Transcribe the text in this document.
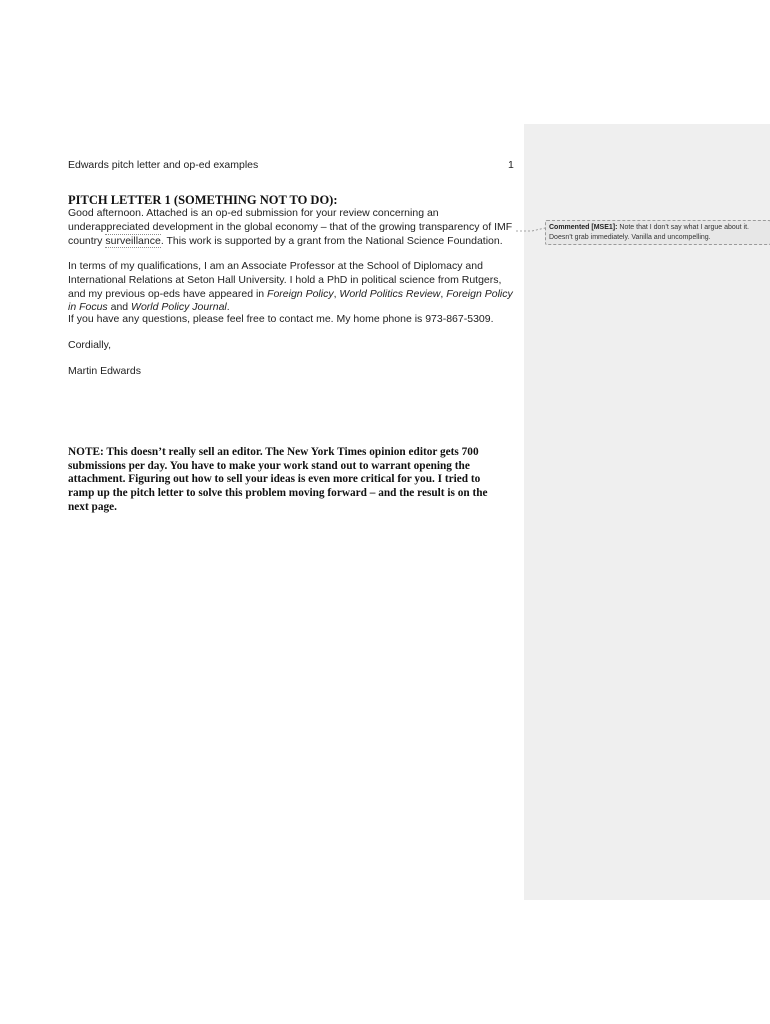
Edwards pitch letter and op-ed examples	1
PITCH LETTER 1 (SOMETHING NOT TO DO):

Good afternoon. Attached is an op-ed submission for your review concerning an underappreciated development in the global economy – that of the growing transparency of IMF country surveillance. This work is supported by a grant from the National Science Foundation.

In terms of my qualifications, I am an Associate Professor at the School of Diplomacy and International Relations at Seton Hall University. I hold a PhD in political science from Rutgers, and my previous op-eds have appeared in Foreign Policy, World Politics Review, Foreign Policy in Focus and World Policy Journal.

If you have any questions, please feel free to contact me. My home phone is 973-867-5309.

Cordially,

Martin Edwards

NOTE: This doesn’t really sell an editor. The New York Times opinion editor gets 700 submissions per day. You have to make your work stand out to warrant opening the attachment. Figuring out how to sell your ideas is even more critical for you. I tried to ramp up the pitch letter to solve this problem moving forward – and the result is on the next page.
Commented [MSE1]: Note that I don’t say what I argue about it. Doesn’t grab immediately. Vanilla and uncompelling.
